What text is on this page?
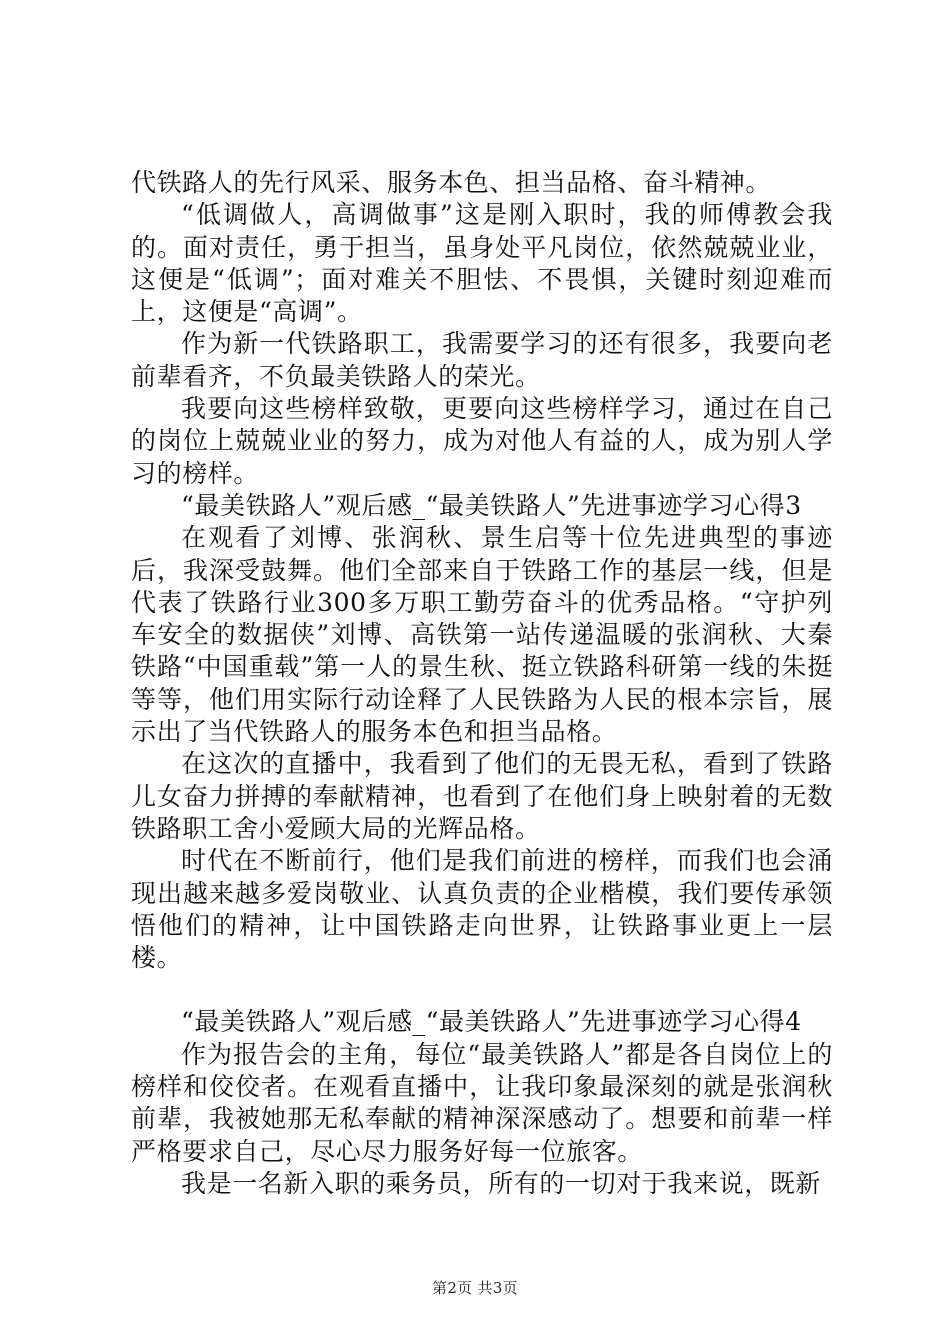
代铁路人的先行风采、服务本色、担当品格、奋斗精神。

“低调做人，高调做事”这是刚入职时，我的师傅教会我的。面对责任，勇于担当，虽身处平凡岗位，依然兢兢业业，这便是“低调”；面对难关不胆怯、不畏惧，关键时刻迎难而上，这便是“高调”。

作为新一代铁路职工，我需要学习的还有很多，我要向老前辈看齐，不负最美铁路人的荣光。

我要向这些榜样致敬，更要向这些榜样学习，通过在自己的岗位上兢兢业业的努力，成为对他人有益的人，成为别人学习的榜样。

“最美铁路人”观后感_“最美铁路人”先进事迹学习心得3

在观看了刘博、张润秋、景生启等十位先进典型的事迹后，我深受鼓舞。他们全部来自于铁路工作的基层一线，但是代表了铁路行业300多万职工勤劳奋斗的优秀品格。“守护列车安全的数据侠”刘博、高铁第一站传递温暖的张润秋、大秦铁路“中国重载”第一人的景生秋、挺立铁路科研第一线的朱挺等等，他们用实际行动诠释了人民铁路为人民的根本宗旨，展示出了当代铁路人的服务本色和担当品格。

在这次的直播中，我看到了他们的无畏无私，看到了铁路儿女奋力拼搏的奉献精神，也看到了在他们身上映射着的无数铁路职工舍小爱顾大局的光辉品格。

时代在不断前行，他们是我们前进的榜样，而我们也会涌现出越来越多爱岗敬业、认真负责的企业楷模，我们要传承领悟他们的精神，让中国铁路走向世界，让铁路事业更上一层楼。

“最美铁路人”观后感_“最美铁路人”先进事迹学习心得4

作为报告会的主角，每位“最美铁路人”都是各自岗位上的榜样和佼佼者。在观看直播中，让我印象最深刻的就是张润秋前辈，我被她那无私奉献的精神深深感动了。想要和前辈一样严格要求自己，尽心尽力服务好每一位旅客。

我是一名新入职的乘务员，所有的一切对于我来说，既新

第2页 共3页
